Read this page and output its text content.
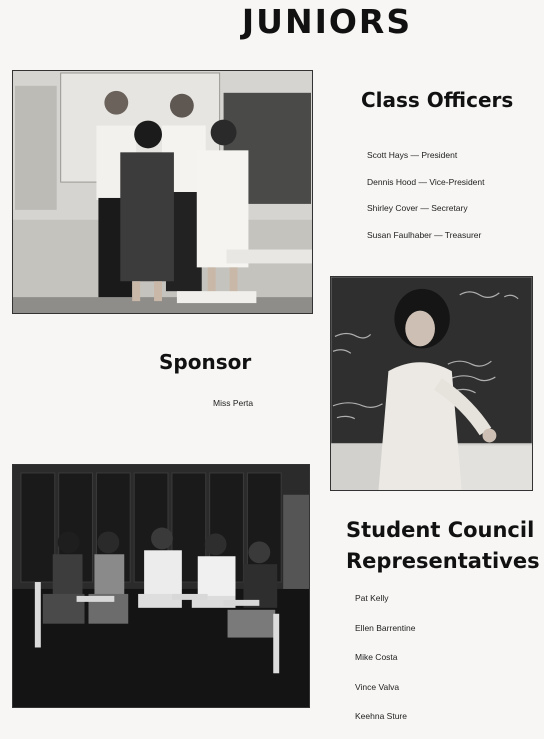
JUNIORS
Class Officers
Scott Hays — President
Dennis Hood — Vice-President
Shirley Cover — Secretary
Susan Faulhaber — Treasurer
Sponsor
Miss Perta
Student Council
Representatives
Pat Kelly
Ellen Barrentine
Mike Costa
Vince Valva
Keehna Sture
